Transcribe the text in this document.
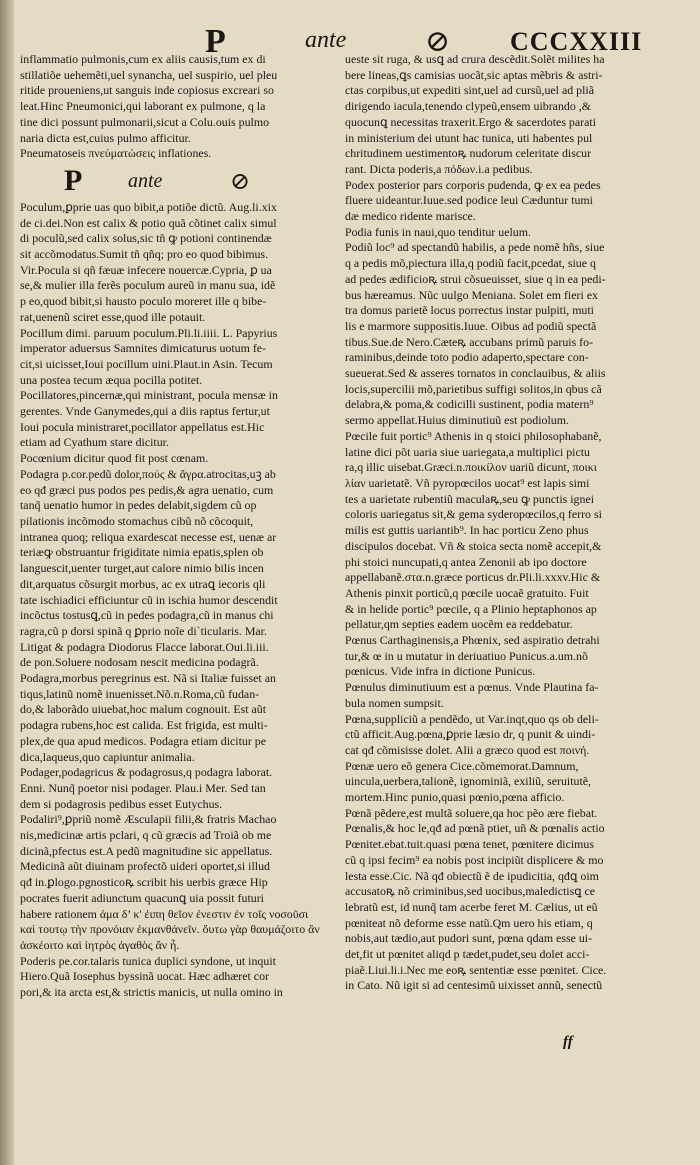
P	ante	⊘ CCCXXIII

inflammatio pulmonis,cum ex aliis causis,tum ex di

stillatiõe uehemẽti,uel synancha, uel suspirio, uel pleu

ritide proueniens,ut sanguis inde copiosus excreari so

leat.Hinc Pneumonici,qui laborant ex pulmone, q la

tine dici possunt pulmonarii,sicut a Colu.ouis pulmo

naria dicta est,cuius pulmo afficitur.

Pneumatoseis πνεύματώσεις inflationes.

P ante	⊘

Poculum,ꝑprie uas quo bibit,a potiõe dictũ. Aug.li.xix

de ci.dei.Non est calix & potio quã cõtinet calix simul

di poculũ,sed calix solus,sic tñ ꝙ potioni continendæ

sit accõmodatus.Sumit tñ qñq; pro eo quod bibimus.

Vir.Pocula si qñ fæuæ infecere nouercæ.Cypria, ꝑ ua

se,& mulier illa ferẽs poculum aureũ in manu sua, idẽ

p eo,quod bibit,si hausto poculo moreret ille q bibe-

rat,uenenũ sciret esse,quod ille potauit.

Pocillum dimi. paruum poculum.Pli.li.iiii. L. Papyrius

imperator aduersus Samnites dimicaturus uotum fe-

cit,si uicisset,Ioui pocillum uini.Plaut.in Asin. Tecum

una postea tecum æqua pocilla potitet.

Pocillatores,pincernæ,qui ministrant, pocula mensæ in

gerentes. Vnde Ganymedes,qui a diis raptus fertur,ut

Ioui pocula ministraret,pocillator appellatus est.Hic

etiam ad Cyathum stare dicitur.

Pocœnium dicitur quod fit post cœnam.

Podagra p.cor.pedũ dolor,πούς & ἄγρα.atrocitas,uꝫ ab

eo qđ græci pus podos pes pedis,& agra uenatio, cum

tanq̃ uenatio humor in pedes delabit,sigdem cũ op

pilationis incõmodo stomachus cibũ nõ cõcoquit,

intranea quoq; reliqua exardescat necesse est, uenæ ar

teriæꝙ obstruantur frigiditate nimia epatis,splen ob

languescit,uenter turget,aut calore nimio bilis incen

dit,arquatus cõsurgit morbus, ac ex utraꝗ iecoris qli

tate ischiadici efficiuntur cũ in ischia humor descendit

incõctus tostusꝗ,cũ in pedes podagra,cũ in manus chi

ragra,cũ p dorsi spinã q ꝑprio noĩe di`ticularis. Mar.

Litigat & podagra Diodorus Flacce laborat.Oui.li.iii.

de pon.Soluere nodosam nescit medicina podagrã.

Podagra,morbus peregrinus est. Nã si Italiæ fuisset an

tiqus,latinũ nomẽ inuenisset.Nõ.n.Roma,cũ fudan-

do,& laborãdo uiuebat,hoc malum cognouit. Est aũt

podagra rubens,hoc est calida. Est frigida, est multi-

plex,de qua apud medicos. Podagra etiam dicitur pe

dica,laqueus,quo capiuntur animalia.

Podager,podagricus & podagrosus,q podagra laborat.

Enni. Nunq̃ poetor nisi podager. Plau.i Mer. Sed tan

dem si podagrosis pedibus esset Eutychus.

Podaliri⁹,ꝑpriũ nomẽ Æsculapii filii,& fratris Machao

nis,medicinæ artis pclari, q cũ græcis ad Troiã ob me

dicinã,pfectus est.A pedũ magnitudine sic appellatus.

Medicinã aũt diuinam profectõ uideri oportet,si illud

qđ in.ꝑlogo.pgnosticoꝶ scribit his uerbis græce Hip

pocrates fuerit adiunctum quacunꝗ uia possit futuri

habere rationem ἀμα δ’ κ' ἐιπη θεῖον ἐνεστιν ἐν τοῖς νοσοῦσι

καὶ τουτῳ τὴν προνόιαν ἐκμανθάνεῖν. ὅυτω γὰρ θαυμάζοιτο ἂν

ἀσκέοιτο καὶ ἰητρὸς ἀγαθὸς ἄν ἦ.

Poderis pe.cor.talaris tunica duplici syndone, ut inquit

Hiero.Quã Iosephus byssinã uocat. Hæc adhæret cor

pori,& ita arcta est,& strictis manicis, ut nulla omino in

ueste sit ruga, & usꝗ ad crura descẽdit.Solẽt milites ha

bere lineas,ꝗs camisias uocãt,sic aptas mẽbris & astri-

ctas corpibus,ut expediti sint,uel ad cursũ,uel ad pliã

dirigendo iacula,tenendo clypeũ,ensem uibrando ,&

quocunꝗ necessitas traxerit.Ergo & sacerdotes parati

in ministerium dei utunt hac tunica, uti habentes pul

chritudinem uestimentoꝶ nudorum celeritate discur

rant. Dicta poderis,a πόδων.i.a pedibus.

Podex posterior pars corporis pudenda, ꝙ ex ea pedes

fluere uideantur.Iuue.sed podice leui Cæduntur tumi

dæ medico ridente marisce.

Podia funis in naui,quo tenditur uelum.

Podiũ loc⁹ ad spectandũ habilis, a pede nomẽ hñs, siue

q a pedis mõ,piectura illa,q podiũ facit,pcedat, siue q

ad pedes ædificioꝶ strui cõsueuisset, siue q in ea pedi-

bus hæreamus. Nũc uulgo Meniana. Solet em fieri ex

tra domus parietẽ locus porrectus instar pulpiti, muti

lis e marmore suppositis.Iuue. Oibus ad podiũ spectã

tibus.Sue.de Nero.Cæteꝶ accubans primũ paruis fo-

raminibus,deinde toto podio adaperto,spectare con-

sueuerat.Sed & asseres tornatos in conclauibus, & aliis

locis,supercilii mõ,parietibus suffigi solitos,in qbus cã

delabra,& poma,& codicilli sustinent, podia matern⁹

sermo appellat.Huius diminutiuũ est podiolum.

Pœcile fuit portic⁹ Athenis in q stoici philosophabanẽ,

latine dici põt uaria siue uariegata,a multiplici pictu

ra,q illic uisebat.Græci.n.ποικίλον uariũ dicunt, ποικι

λίαν uarietatẽ. Vñ pyropœcilos uocat⁹ est lapis simi

tes a uarietate rubentiũ maculaꝶ,seu ꝙ punctis ignei

coloris uariegatus sit,& gema syderopœcilos,q ferro si

milis est guttis uariantib⁹. In hac porticu Zeno phus

discipulos docebat. Vñ & stoica secta nomẽ accepit,&

phi stoici nuncupati,q antea Zenonii ab ipo doctore

appellabanẽ.στα.n.græce porticus dr.Pli.li.xxxv.Hic &

Athenis pinxit porticũ,q pœcile uocaẽ gratuito. Fuit

& in helide portic⁹ pœcile, q a Plinio heptaphonos ap

pellatur,qm septies eadem uocẽm ea reddebatur.

Pœnus Carthaginensis,a Phœnix, sed aspiratio detrahi

tur,& œ in u mutatur in deriuatiuo Punicus.a.um.nõ

pœnicus. Vide infra in dictione Punicus.

Pœnulus diminutiuum est a pœnus. Vnde Plautina fa-

bula nomen sumpsit.

Pœna,suppliciũ a pendẽdo, ut Var.inqt,quo qs ob deli-

ctũ afficit.Aug.pœna,ꝑprie læsio dr, q punit & uindi-

cat qđ cõmisisse dolet. Alii a græco quod est ποινή.

Pœnæ uero eõ genera Cice.cõmemorat.Damnum,

uincula,uerbera,talionẽ, ignominiã, exiliũ, seruitutẽ,

mortem.Hinc punio,quasi pœnio,pœna afficio.

Pœnã pẽdere,est multã soluere,qa hoc pẽo ære fiebat.

Pœnalis,& hoc le,qđ ad pœnã ptiet, uñ & pœnalis actio

Pœnitet.ebat.tuit.quasi pœna tenet, pœnitere dicimus

cũ q ipsi fecim⁹ ea nobis post incipiũt displicere & mo

lesta esse.Cic. Nã qđ obiectũ ẽ de ipudicitia, qđꝗ oim

accusatoꝶ nõ criminibus,sed uocibus,maledictisꝗ ce

lebratũ est, id nunq̃ tam acerbe feret M. Cælius, ut eũ

pœniteat nõ deforme esse natũ.Qm uero his etiam, q

nobis,aut tædio,aut pudori sunt, pœna qdam esse ui-

det,fit ut pœnitet aliqd p tædet,pudet,seu dolet acci-

piaẽ.Liui.li.i.Nec me eoꝶ sententiæ esse pœnitet. Cice.

in Cato. Nũ igit si ad centesimũ uixisset annũ, senectũ

ff
